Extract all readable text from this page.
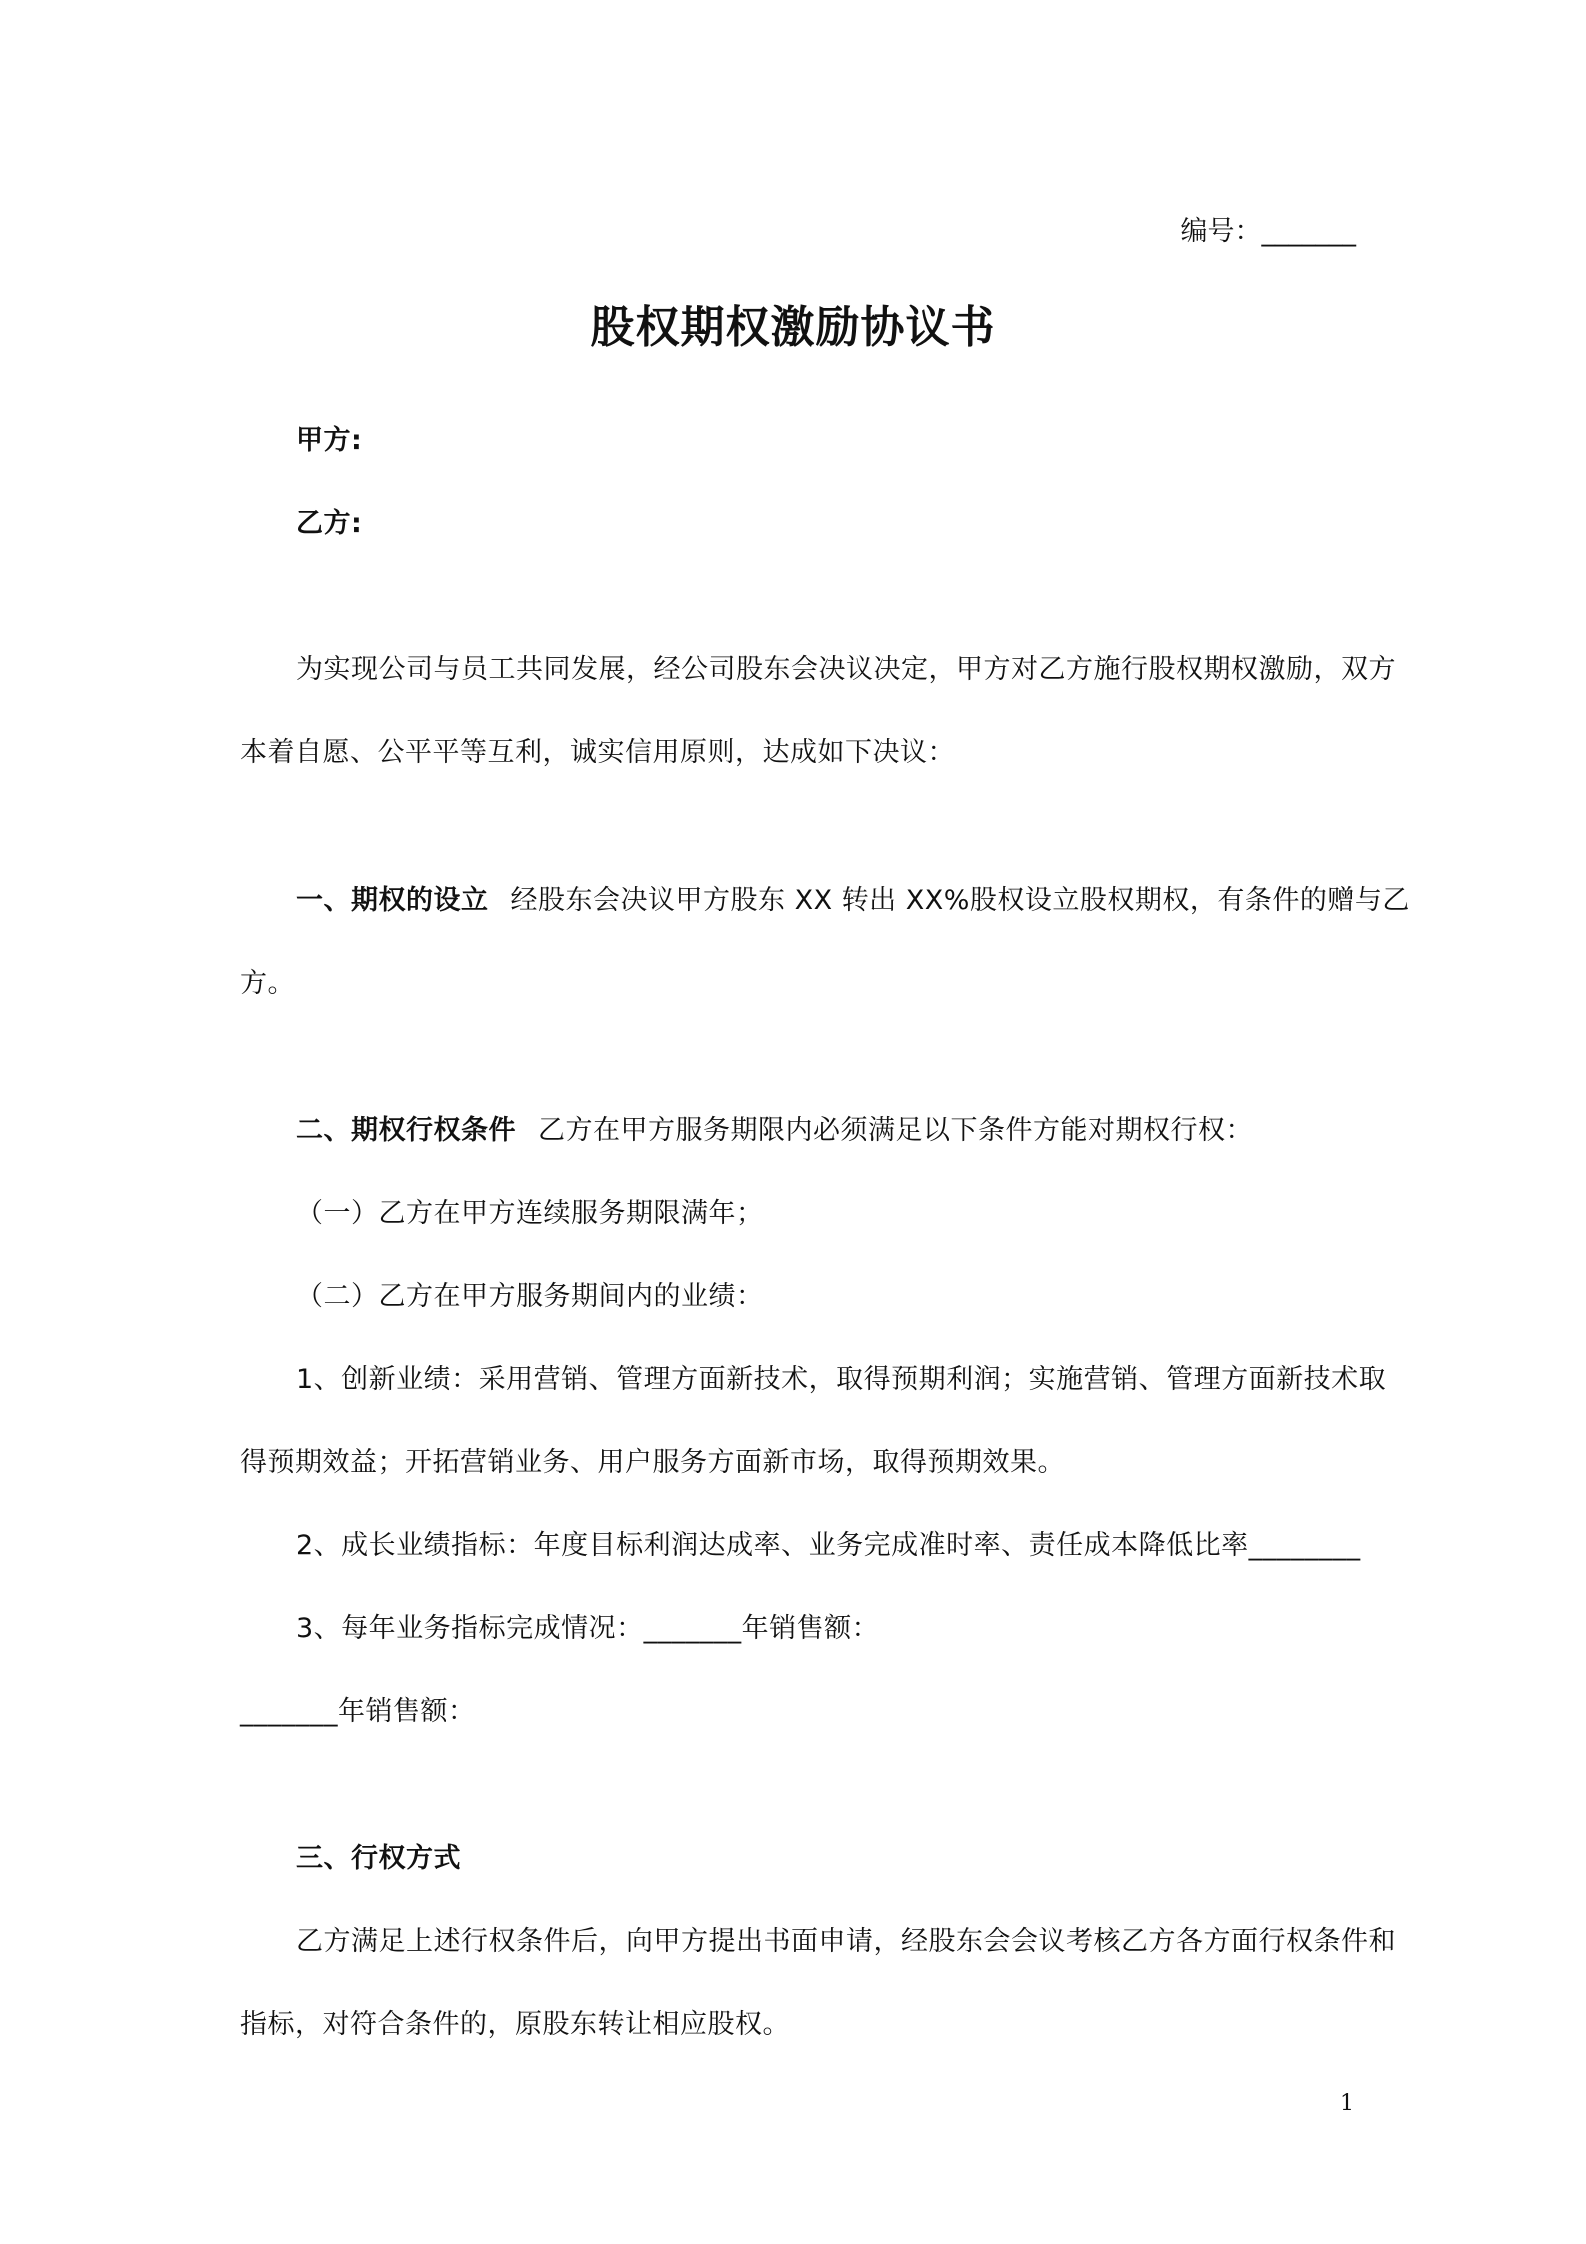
编号：_______
股权期权激励协议书
甲方:
乙方:
为实现公司与员工共同发展，经公司股东会决议决定，甲方对乙方施行股权期权激励，双方
本着自愿、公平平等互利，诚实信用原则，达成如下决议：
一、期权的设立 经股东会决议甲方股东 XX 转出 XX%股权设立股权期权，有条件的赠与乙
方。
二、期权行权条件 乙方在甲方服务期限内必须满足以下条件方能对期权行权：
（一）乙方在甲方连续服务期限满年；
（二）乙方在甲方服务期间内的业绩：
1、创新业绩：采用营销、管理方面新技术，取得预期利润；实施营销、管理方面新技术取
得预期效益；开拓营销业务、用户服务方面新市场，取得预期效果。
2、成长业绩指标：年度目标利润达成率、业务完成准时率、责任成本降低比率________
3、每年业务指标完成情况：_______年销售额：
_______年销售额：
三、行权方式
乙方满足上述行权条件后，向甲方提出书面申请，经股东会会议考核乙方各方面行权条件和
指标，对符合条件的，原股东转让相应股权。
1
